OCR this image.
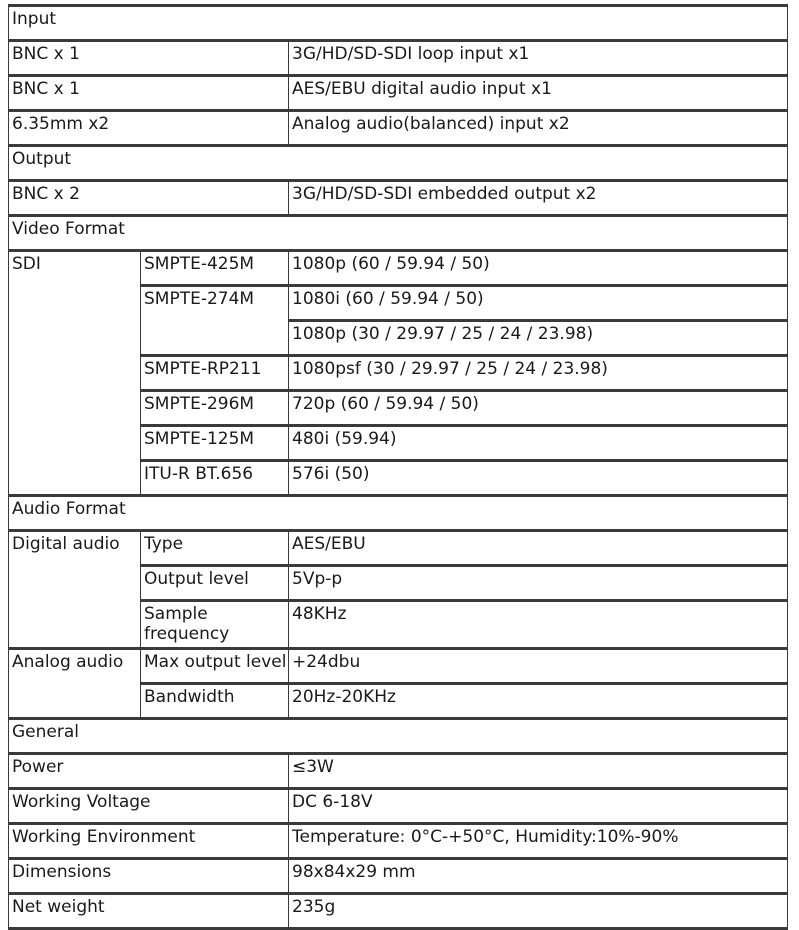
Input		
BNC x 1		3G/HD/SD-SDI loop input x1
BNC x 1		AES/EBU digital audio input x1
6.35mm x2		Analog audio(balanced) input x2
Output		
BNC x 2		3G/HD/SD-SDI embedded output x2
Video Format		
SDI	SMPTE-425M	1080p (60 / 59.94 / 50)
	SMPTE-274M	1080i (60 / 59.94 / 50)
		1080p (30 / 29.97 / 25 / 24 / 23.98)
	SMPTE-RP211	1080psf (30 / 29.97 / 25 / 24 / 23.98)
	SMPTE-296M	720p (60 / 59.94 / 50)
	SMPTE-125M	480i (59.94)
	ITU-R BT.656	576i (50)
Audio Format		
Digital audio	Type	AES/EBU
	Output level	5Vp-p
	Sample frequency	48KHz
Analog audio	Max output level	+24dbu
	Bandwidth	20Hz-20KHz
General		
Power		≤3W
Working Voltage		DC 6-18V
Working Environment		Temperature: 0°C-+50°C, Humidity:10%-90%
Dimensions		98x84x29 mm
Net weight		235g
